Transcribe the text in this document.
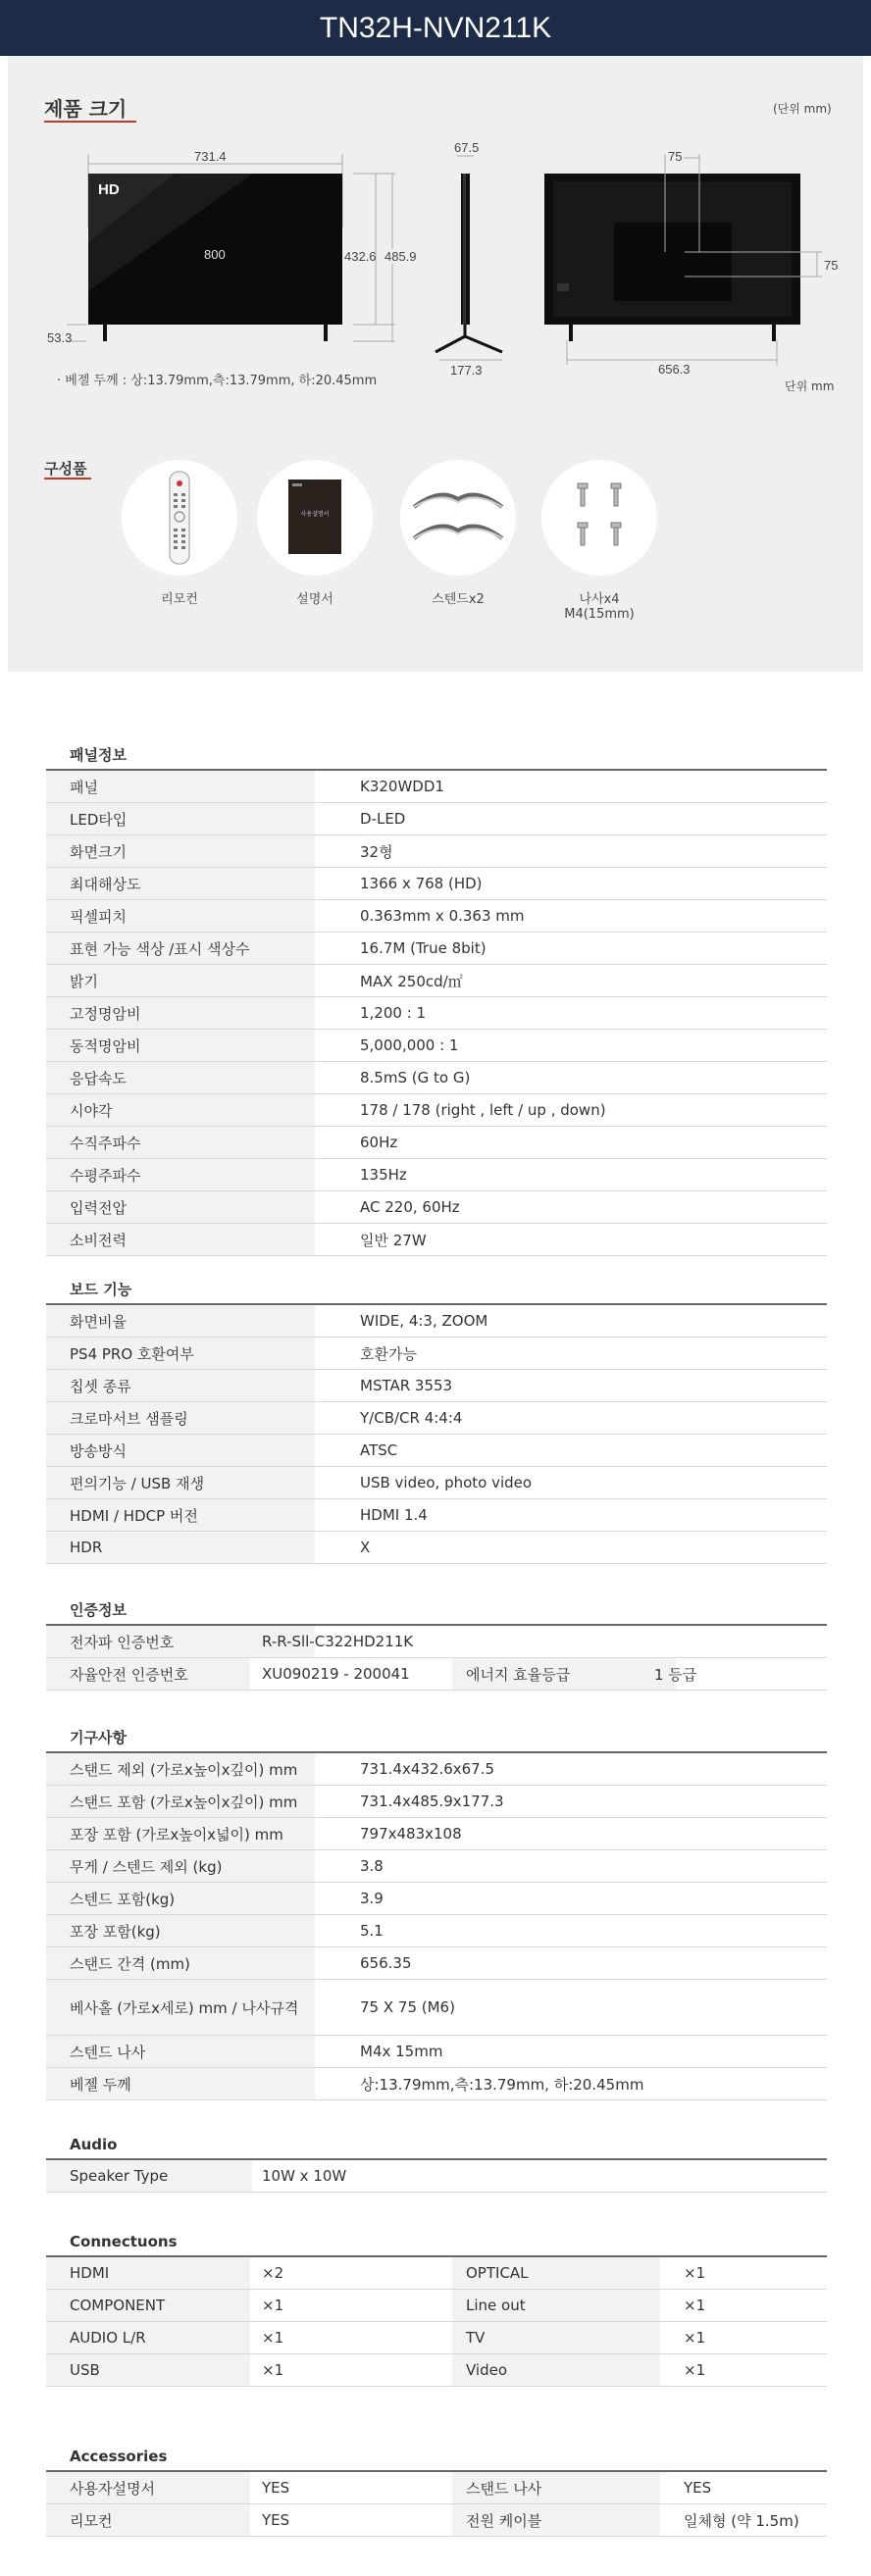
TN32H-NVN211K
제품 크기	(단위 mm)
HD
731.4
800	432.6 485.9
53.3
67.5
177.3
75
75
656.3
단위 mm
· 베젤 두께 : 상:13.79mm,측:13.79mm, 하:20.45mm
구성품
사용설명서
리모컨	설명서	스텐드x2	나사x4
M4(15mm)
패널정보
패널	K320WDD1
LED타입	D-LED
화면크기	32형
최대해상도	1366 x 768 (HD)
픽셀피치	0.363mm x 0.363 mm
표현 가능 색상 /표시 색상수	16.7M (True 8bit)
밝기	MAX 250cd/㎡
고정명암비	1,200 : 1
동적명암비	5,000,000 : 1
응답속도	8.5mS (G to G)
시야각	178 / 178 (right , left / up , down)
수직주파수	60Hz
수평주파수	135Hz
입력전압	AC 220, 60Hz
소비전력	일반 27W
보드 기능
화면비율	WIDE, 4:3, ZOOM
PS4 PRO 호환여부	호환가능
칩셋 종류	MSTAR 3553
크로마서브 샘플링	Y/CB/CR 4:4:4
방송방식	ATSC
편의기능 / USB 재생	USB video, photo video
HDMI / HDCP 버전	HDMI 1.4
HDR	X
인증정보
전자파 인증번호	R-R-Sll-C322HD211K
자율안전 인증번호	XU090219 - 200041	에너지 효율등급	1 등급
기구사항
스탠드 제외 (가로x높이x깊이) mm	731.4x432.6x67.5
스탠드 포함 (가로x높이x깊이) mm	731.4x485.9x177.3
포장 포함 (가로x높이x넓이) mm	797x483x108
무게 / 스텐드 제외 (kg)	3.8
스텐드 포함(kg)	3.9
포장 포함(kg)	5.1
스탠드 간격 (mm)	656.35
베사홀 (가로x세로) mm / 나사규격	75 X 75 (M6)
스텐드 나사	M4x 15mm
베젤 두께	상:13.79mm,측:13.79mm, 하:20.45mm
Audio
Speaker Type	10W x 10W
Connectuons
HDMI	×2	OPTICAL	×1
COMPONENT	×1	Line out	×1
AUDIO L/R	×1	TV	×1
USB	×1	Video	×1
Accessories
사용자설명서	YES	스탠드 나사	YES
리모컨	YES	전원 케이블	일체형 (약 1.5m)
